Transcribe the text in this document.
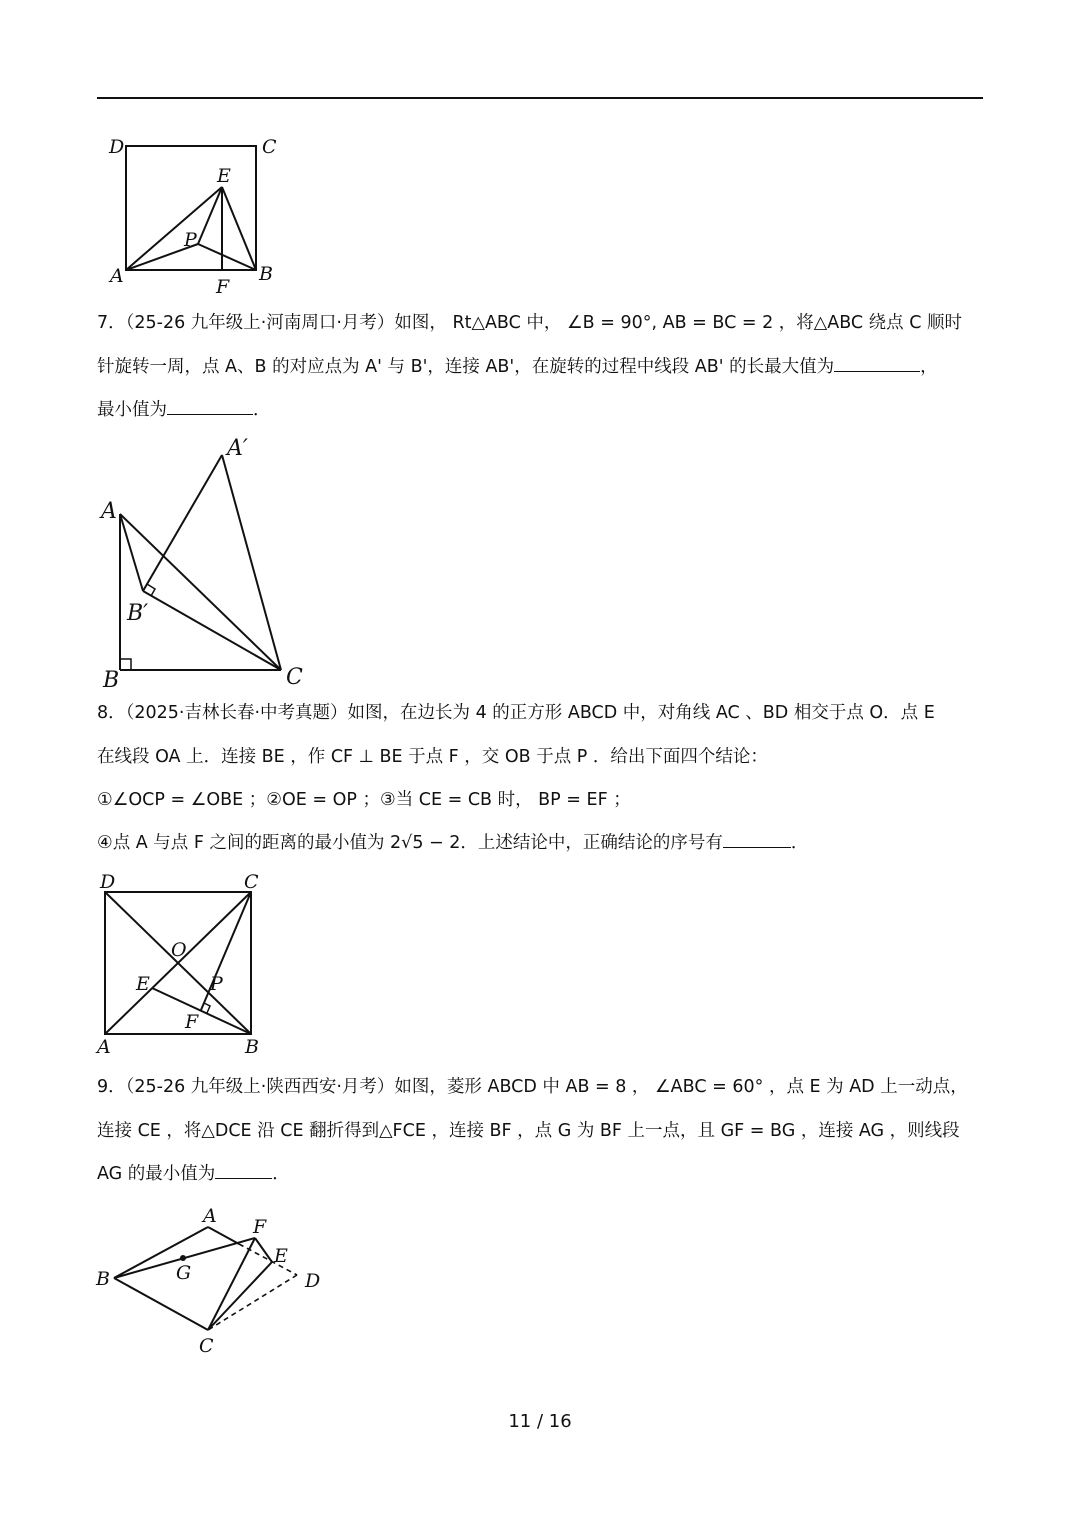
D	C
E
P
A	B
F
7．（25-26 九年级上·河南周口·月考）如图， Rt△ABC 中， ∠B = 90°, AB = BC = 2 ，将△ABC 绕点 C 顺时
针旋转一周，点 A、B 的对应点为 A' 与 B'，连接 AB'，在旋转的过程中线段 AB' 的长最大值为	，
最小值为	．
A′
A
B′
B	C
8．（2025·吉林长春·中考真题）如图，在边长为 4 的正方形 ABCD 中，对角线 AC 、BD 相交于点 O．点 E
在线段 OA 上．连接 BE ，作 CF ⊥ BE 于点 F ，交 OB 于点 P ．给出下面四个结论：
①∠OCP = ∠OBE ；②OE = OP ；③当 CE = CB 时， BP = EF ；
④点 A 与点 F 之间的距离的最小值为 2√5 − 2．上述结论中，正确结论的序号有	．
D	C
O
E	P
F
A	B
9．（25-26 九年级上·陕西西安·月考）如图，菱形 ABCD 中 AB = 8 ， ∠ABC = 60° ，点 E 为 AD 上一动点，
连接 CE ，将△DCE 沿 CE 翻折得到△FCE ，连接 BF ，点 G 为 BF 上一点，且 GF = BG ，连接 AG ，则线段
AG 的最小值为	．
A F
E
B	G	D
C
11 / 16
